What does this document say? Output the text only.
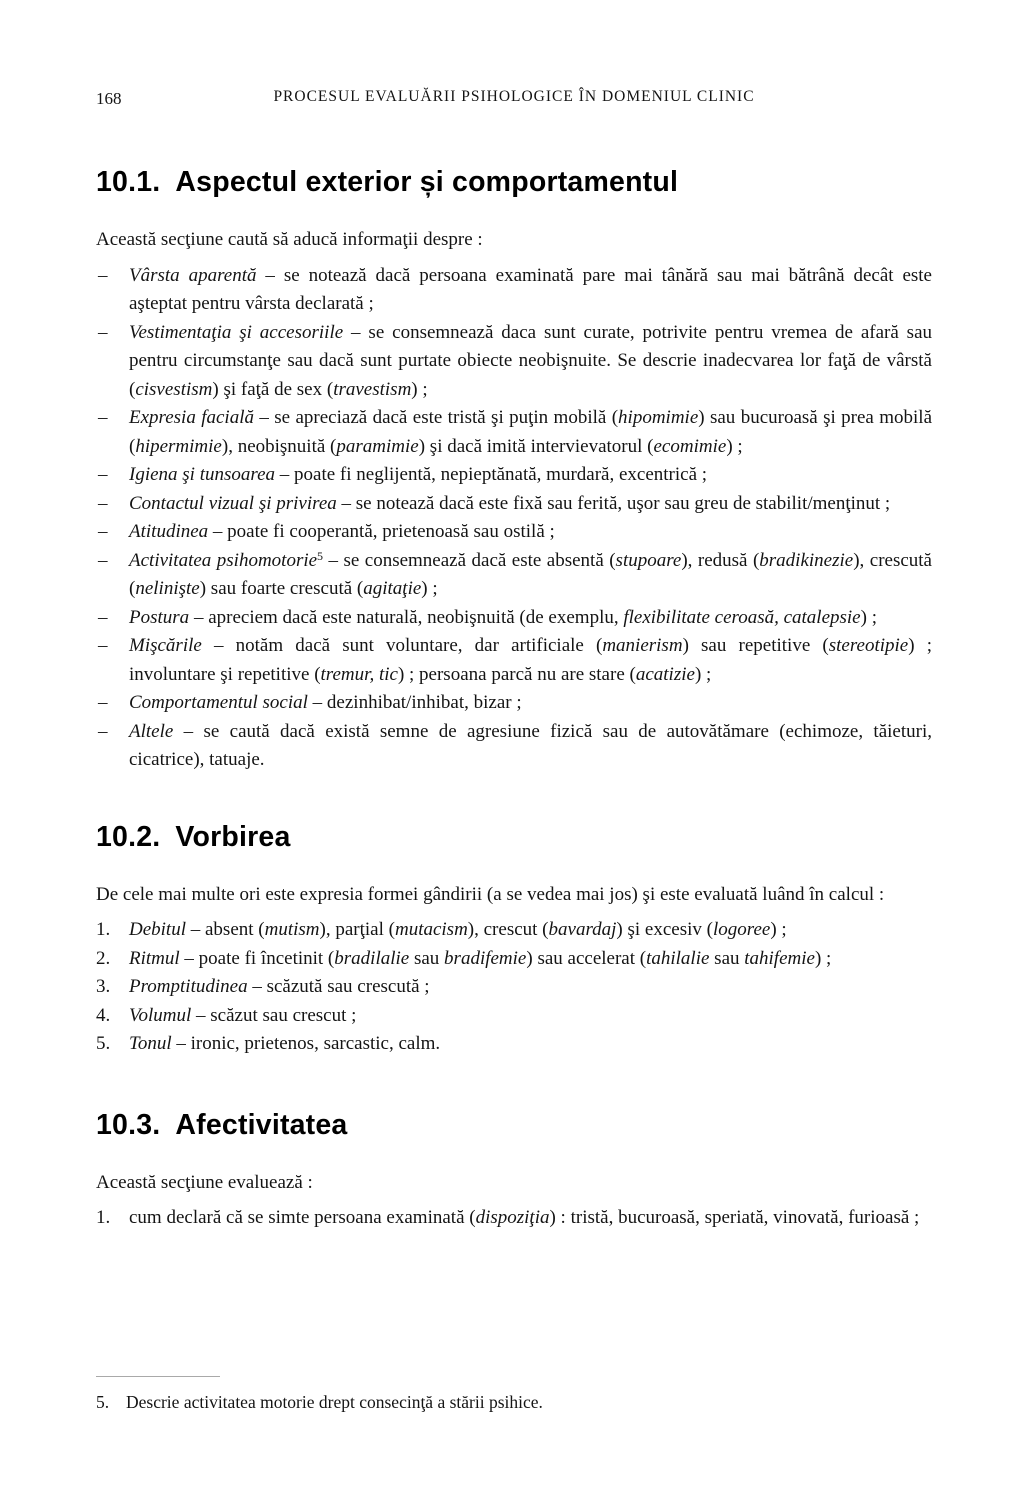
168	PROCESUL EVALUĂRII PSIHOLOGICE ÎN DOMENIUL CLINIC
10.1. Aspectul exterior și comportamentul

Această secţiune caută să aducă informaţii despre :

– Vârsta aparentă – se notează dacă persoana examinată pare mai tânără sau mai bătrână decât este aşteptat pentru vârsta declarată ;
– Vestimentaţia şi accesoriile – se consemnează daca sunt curate, potrivite pentru vremea de afară sau pentru circumstanţe sau dacă sunt purtate obiecte neobişnuite. Se descrie inadecvarea lor faţă de vârstă (cisvestism) şi faţă de sex (travestism) ;
– Expresia facială – se apreciază dacă este tristă şi puţin mobilă (hipomimie) sau bucuroasă şi prea mobilă (hipermimie), neobişnuită (paramimie) şi dacă imită intervievatorul (ecomimie) ;
– Igiena şi tunsoarea – poate fi neglijentă, nepieptănată, murdară, excentrică ;
– Contactul vizual şi privirea – se notează dacă este fixă sau ferită, uşor sau greu de stabilit/menţinut ;
– Atitudinea – poate fi cooperantă, prietenoasă sau ostilă ;
– Activitatea psihomotorie$^5$ – se consemnează dacă este absentă (stupoare), redusă (bradikinezie), crescută (nelinişte) sau foarte crescută (agitaţie) ;
– Postura – apreciem dacă este naturală, neobişnuită (de exemplu, flexibilitate ceroasă, catalepsie) ;
– Mişcările – notăm dacă sunt voluntare, dar artificiale (manierism) sau repetitive (stereotipie) ; involuntare şi repetitive (tremur, tic) ; persoana parcă nu are stare (acatizie) ;
– Comportamentul social – dezinhibat/inhibat, bizar ;
– Altele – se caută dacă există semne de agresiune fizică sau de autovătămare (echimoze, tăieturi, cicatrice), tatuaje.
10.2. Vorbirea

De cele mai multe ori este expresia formei gândirii (a se vedea mai jos) şi este evaluată luând în calcul :

1. Debitul – absent (mutism), parţial (mutacism), crescut (bavardaj) şi excesiv (logoree) ;
2. Ritmul – poate fi încetinit (bradilalie sau bradifemie) sau accelerat (tahilalie sau tahifemie) ;
3. Promptitudinea – scăzută sau crescută ;
4. Volumul – scăzut sau crescut ;
5. Tonul – ironic, prietenos, sarcastic, calm.
10.3. Afectivitatea

Această secţiune evaluează :

1. cum declară că se simte persoana examinată (dispoziţia) : tristă, bucuroasă, speriată, vinovată, furioasă ;

5. Descrie activitatea motorie drept consecinţă a stării psihice.
